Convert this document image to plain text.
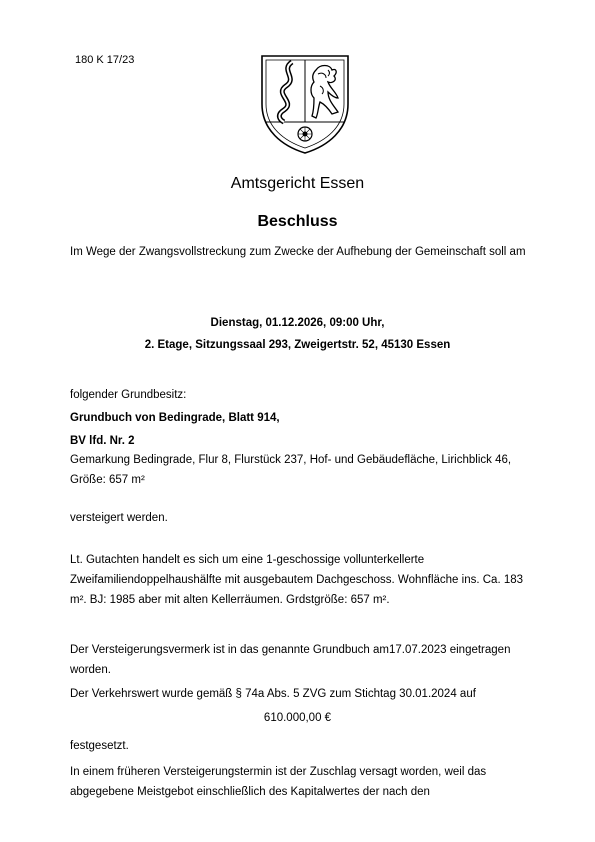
180 K 17/23
Amtsgericht Essen
Beschluss
Im Wege der Zwangsvollstreckung zum Zwecke der Aufhebung der Gemeinschaft soll am
Dienstag, 01.12.2026, 09:00 Uhr,
2. Etage, Sitzungssaal 293, Zweigertstr. 52, 45130 Essen
folgender Grundbesitz:
Grundbuch von Bedingrade, Blatt 914,
BV lfd. Nr. 2
Gemarkung Bedingrade, Flur 8, Flurstück 237, Hof- und Gebäudefläche, Lirichblick 46, Größe: 657 m²
versteigert werden.
Lt. Gutachten handelt es sich um eine 1-geschossige vollunterkellerte Zweifamiliendoppelhaushälfte mit ausgebautem Dachgeschoss. Wohnfläche ins. Ca. 183 m². BJ: 1985 aber mit alten Kellerräumen. Grdstgröße: 657 m².
Der Versteigerungsvermerk ist in das genannte Grundbuch am17.07.2023 eingetragen worden.
Der Verkehrswert wurde gemäß § 74a Abs. 5 ZVG zum Stichtag 30.01.2024 auf
610.000,00 €
festgesetzt.
In einem früheren Versteigerungstermin ist der Zuschlag versagt worden, weil das abgegebene Meistgebot einschließlich des Kapitalwertes der nach den
